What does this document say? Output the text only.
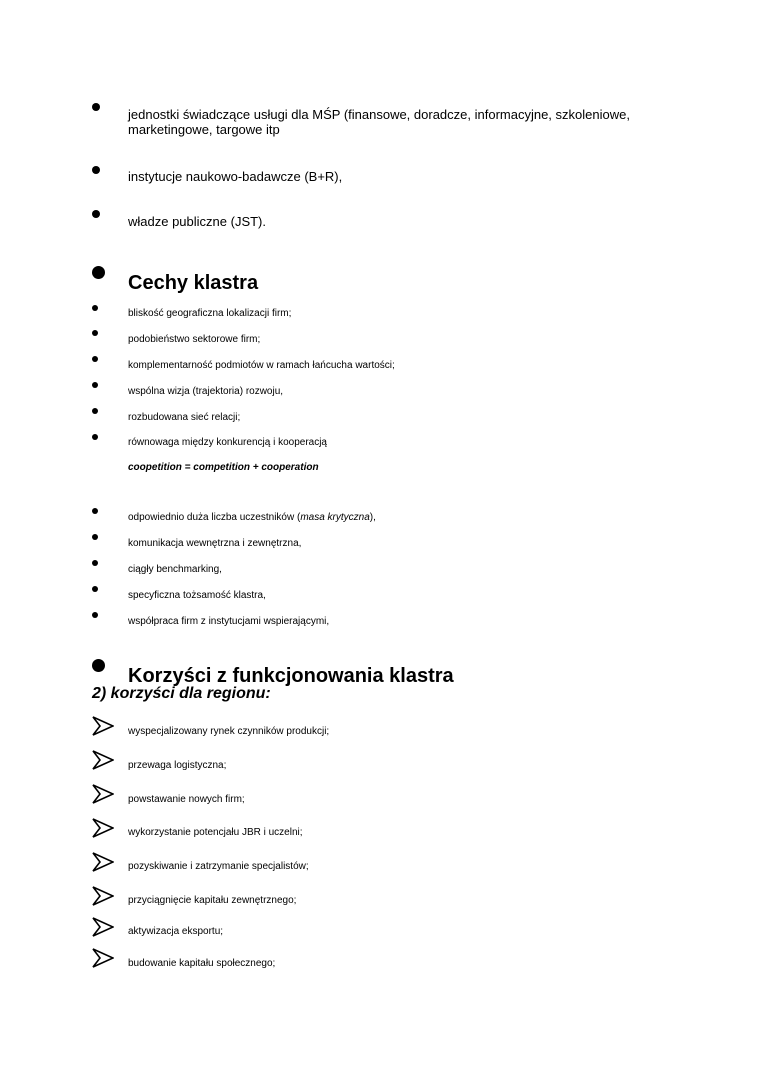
jednostki świadczące usługi dla MŚP (finansowe, doradcze, informacyjne, szkoleniowe,
marketingowe, targowe itp
instytucje naukowo-badawcze (B+R),
władze publiczne (JST).
Cechy klastra
bliskość geograficzna lokalizacji firm;
podobieństwo sektorowe firm;
komplementarność podmiotów w ramach łańcucha wartości;
wspólna wizja (trajektoria) rozwoju,
rozbudowana sieć relacji;
równowaga między konkurencją i kooperacją
coopetition = competition + cooperation
odpowiednio duża liczba uczestników (masa krytyczna),
komunikacja wewnętrzna i zewnętrzna,
ciągły benchmarking,
specyficzna tożsamość klastra,
współpraca firm z instytucjami wspierającymi,
Korzyści z funkcjonowania klastra
2) korzyści dla regionu:
wyspecjalizowany rynek czynników produkcji;
przewaga logistyczna;
powstawanie nowych firm;
wykorzystanie potencjału JBR i uczelni;
pozyskiwanie i zatrzymanie specjalistów;
przyciągnięcie kapitału zewnętrznego;
aktywizacja eksportu;
budowanie kapitału społecznego;
